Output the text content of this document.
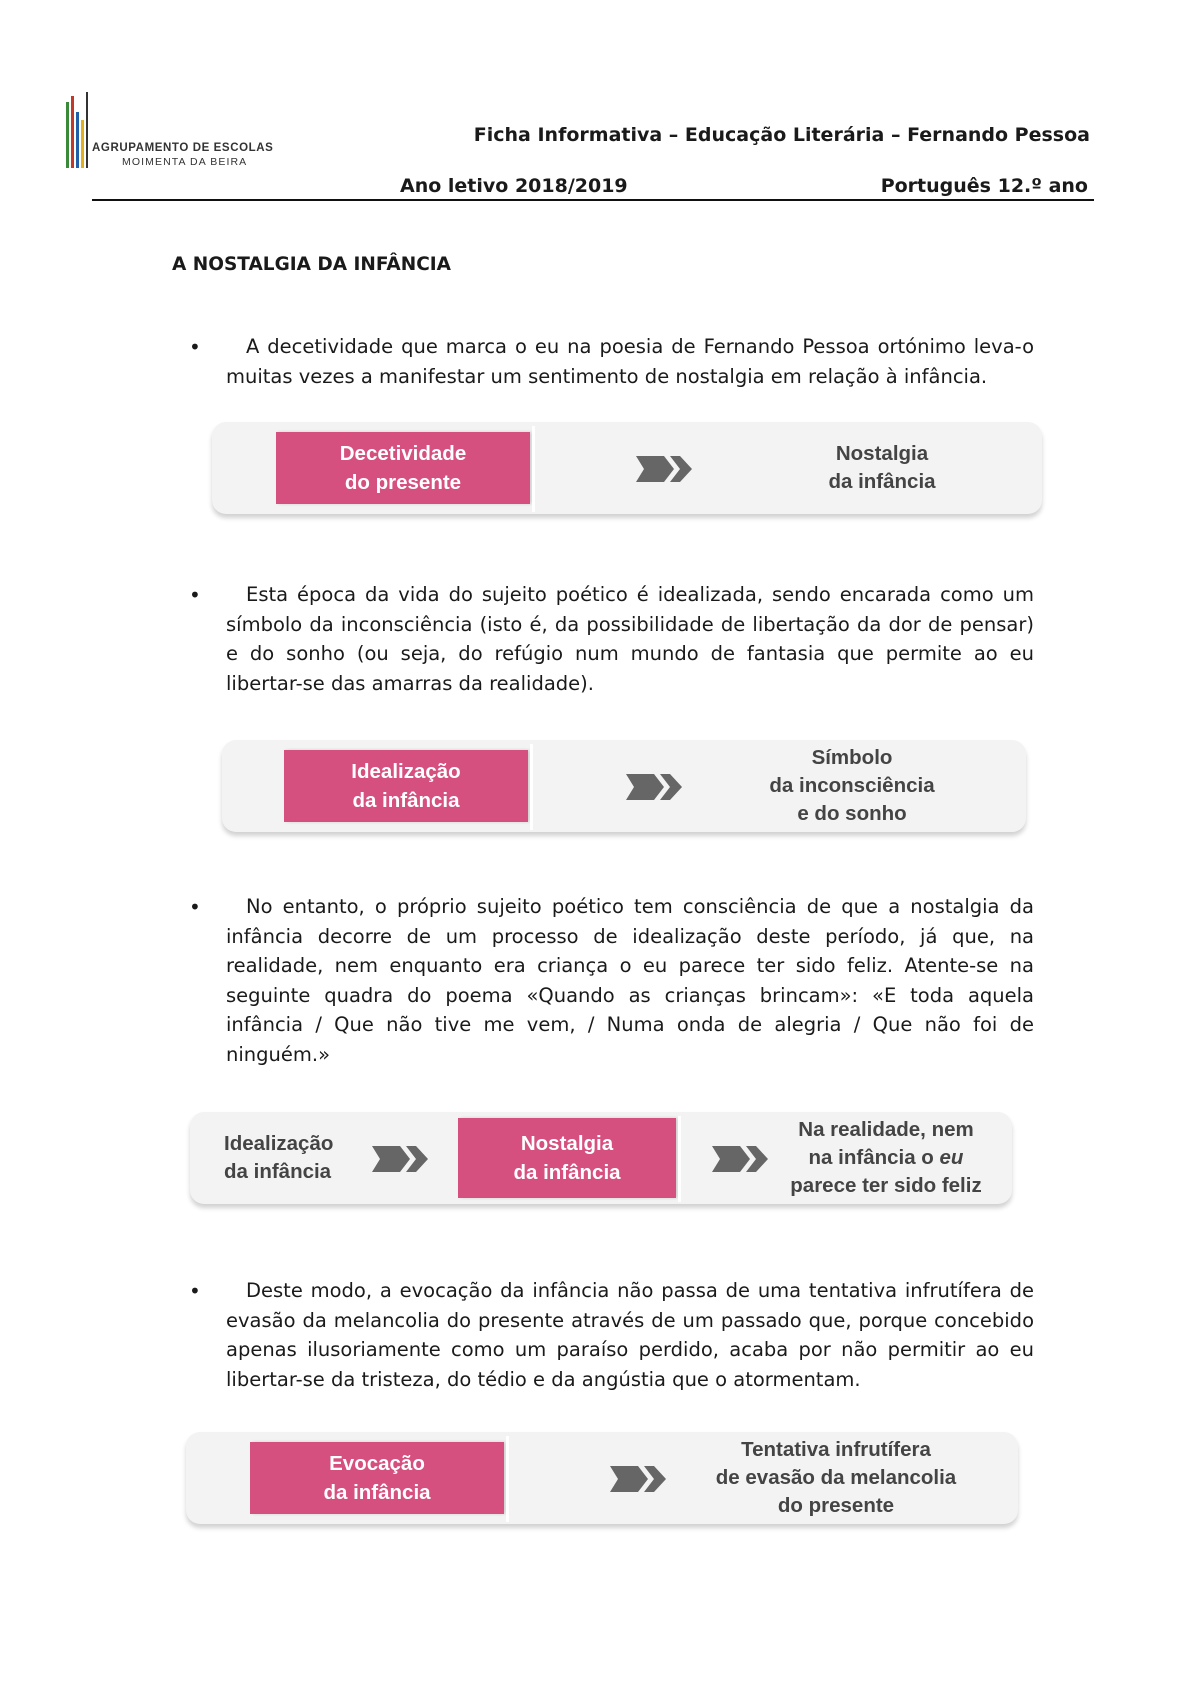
AGRUPAMENTO DE ESCOLAS
MOIMENTA DA BEIRA
Ficha Informativa – Educação Literária – Fernando Pessoa
Ano letivo 2018/2019	Português 12.º ano
A NOSTALGIA DA INFÂNCIA
•	A decetividade que marca o eu na poesia de Fernando Pessoa ortónimo leva-o muitas vezes a manifestar um sentimento de nostalgia em relação à infância.
Decetividade
do presente
Nostalgia
da infância
•	Esta época da vida do sujeito poético é idealizada, sendo encarada como um símbolo da inconsciência (isto é, da possibilidade de libertação da dor de pensar) e do sonho (ou seja, do refúgio num mundo de fantasia que permite ao eu libertar-se das amarras da realidade).
Idealização
da infância
Símbolo
da inconsciência
e do sonho
•	No entanto, o próprio sujeito poético tem consciência de que a nostalgia da infância decorre de um processo de idealização deste período, já que, na realidade, nem enquanto era criança o eu parece ter sido feliz. Atente-se na seguinte quadra do poema «Quando as crianças brincam»: «E toda aquela infância / Que não tive me vem, / Numa onda de alegria / Que não foi de ninguém.»
Idealização
da infância
Nostalgia
da infância
Na realidade, nem
na infância o eu
parece ter sido feliz
•	Deste modo, a evocação da infância não passa de uma tentativa infrutífera de evasão da melancolia do presente através de um passado que, porque concebido apenas ilusoriamente como um paraíso perdido, acaba por não permitir ao eu libertar-se da tristeza, do tédio e da angústia que o atormentam.
Evocação
da infância
Tentativa infrutífera
de evasão da melancolia
do presente
